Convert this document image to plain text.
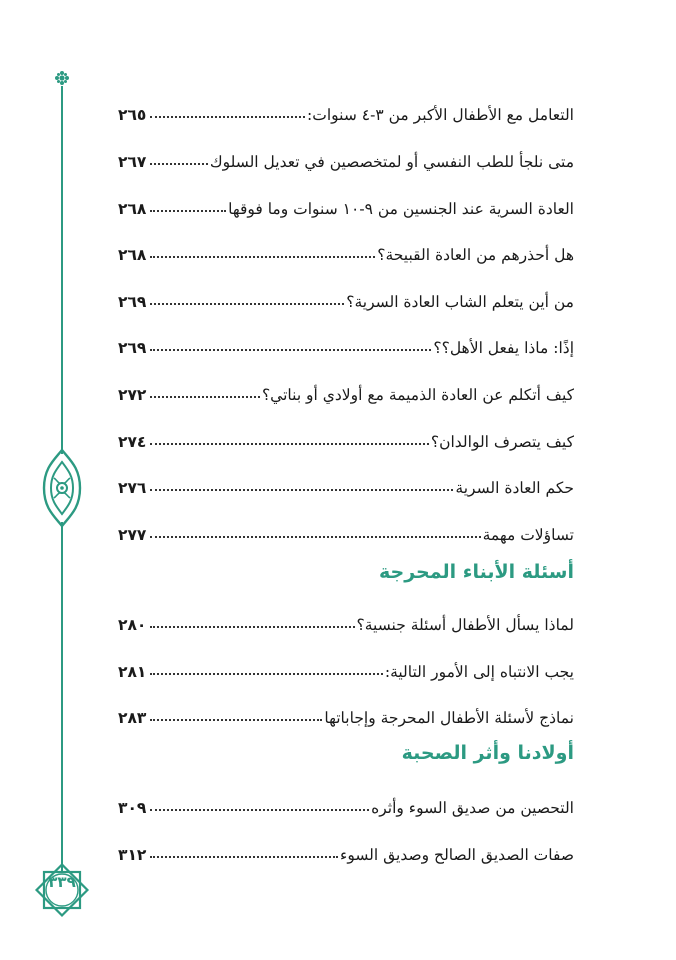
٣٣٩
٢٦٥	التعامل مع الأطفال الأكبر من ٣-٤ سنوات:
٢٦٧	متى نلجأ للطب النفسي أو لمتخصصين في تعديل السلوك
٢٦٨	العادة السرية عند الجنسين من ٩-١٠ سنوات وما فوقها
٢٦٨	هل أحذرهم من العادة القبيحة؟
٢٦٩	من أين يتعلم الشاب العادة السرية؟
٢٦٩	إذًا: ماذا يفعل الأهل؟؟
٢٧٢	كيف أتكلم عن العادة الذميمة مع أولادي أو بناتي؟
٢٧٤	كيف يتصرف الوالدان؟
٢٧٦	حكم العادة السرية
٢٧٧	تساؤلات مهمة
أسئلة الأبناء المحرجة
٢٨٠	لماذا يسأل الأطفال أسئلة جنسية؟
٢٨١	يجب الانتباه إلى الأمور التالية:
٢٨٣	نماذج لأسئلة الأطفال المحرجة وإجاباتها
أولادنا وأثر الصحبة
٣٠٩	التحصين من صديق السوء وأثره
٣١٢	صفات الصديق الصالح وصديق السوء
